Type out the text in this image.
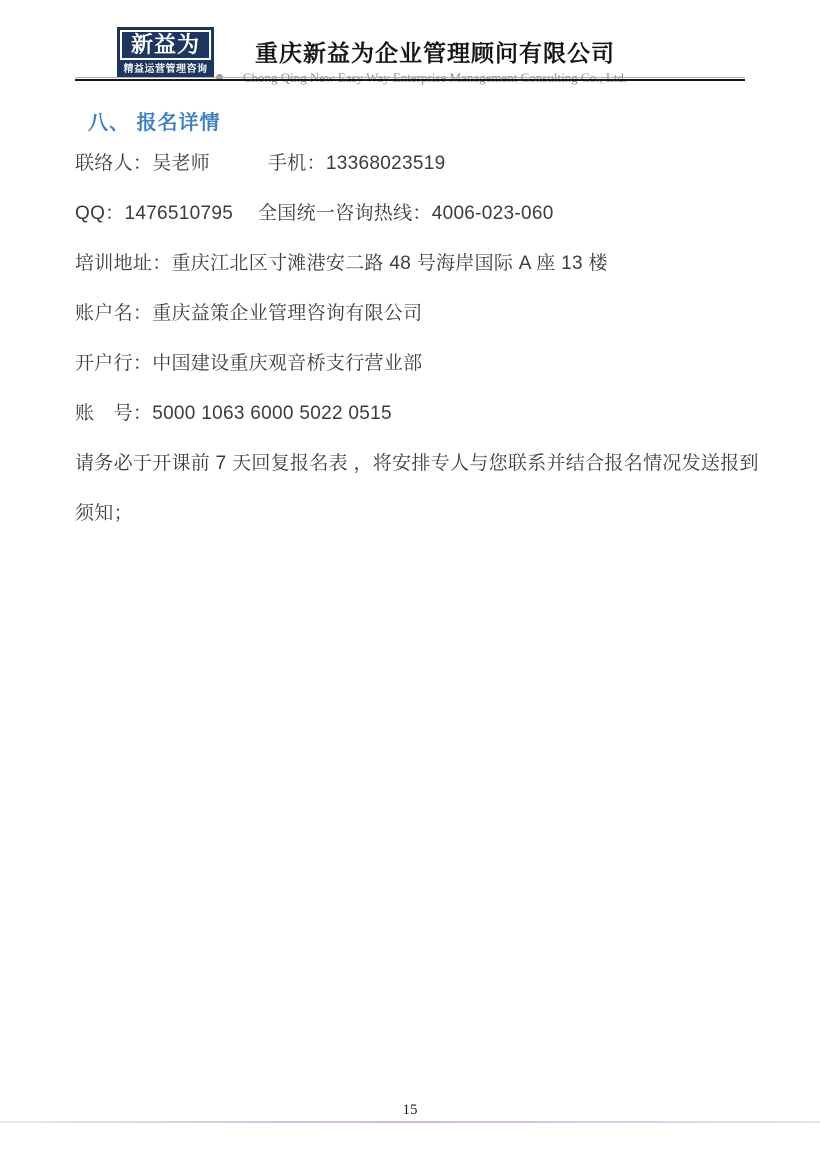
新益为
精益运营管理咨询
重庆新益为企业管理顾问有限公司
八、 报名详情

联络人：吴老师　　　手机：13368023519

QQ：1476510795　 全国统一咨询热线：4006-023-060

培训地址：重庆江北区寸滩港安二路 48 号海岸国际 A 座 13 楼

账户名：重庆益策企业管理咨询有限公司

开户行：中国建设重庆观音桥支行营业部

账　号：5000 1063 6000 5022 0515

请务必于开课前 7 天回复报名表 ，将安排专人与您联系并结合报名情况发送报到

须知；

15
